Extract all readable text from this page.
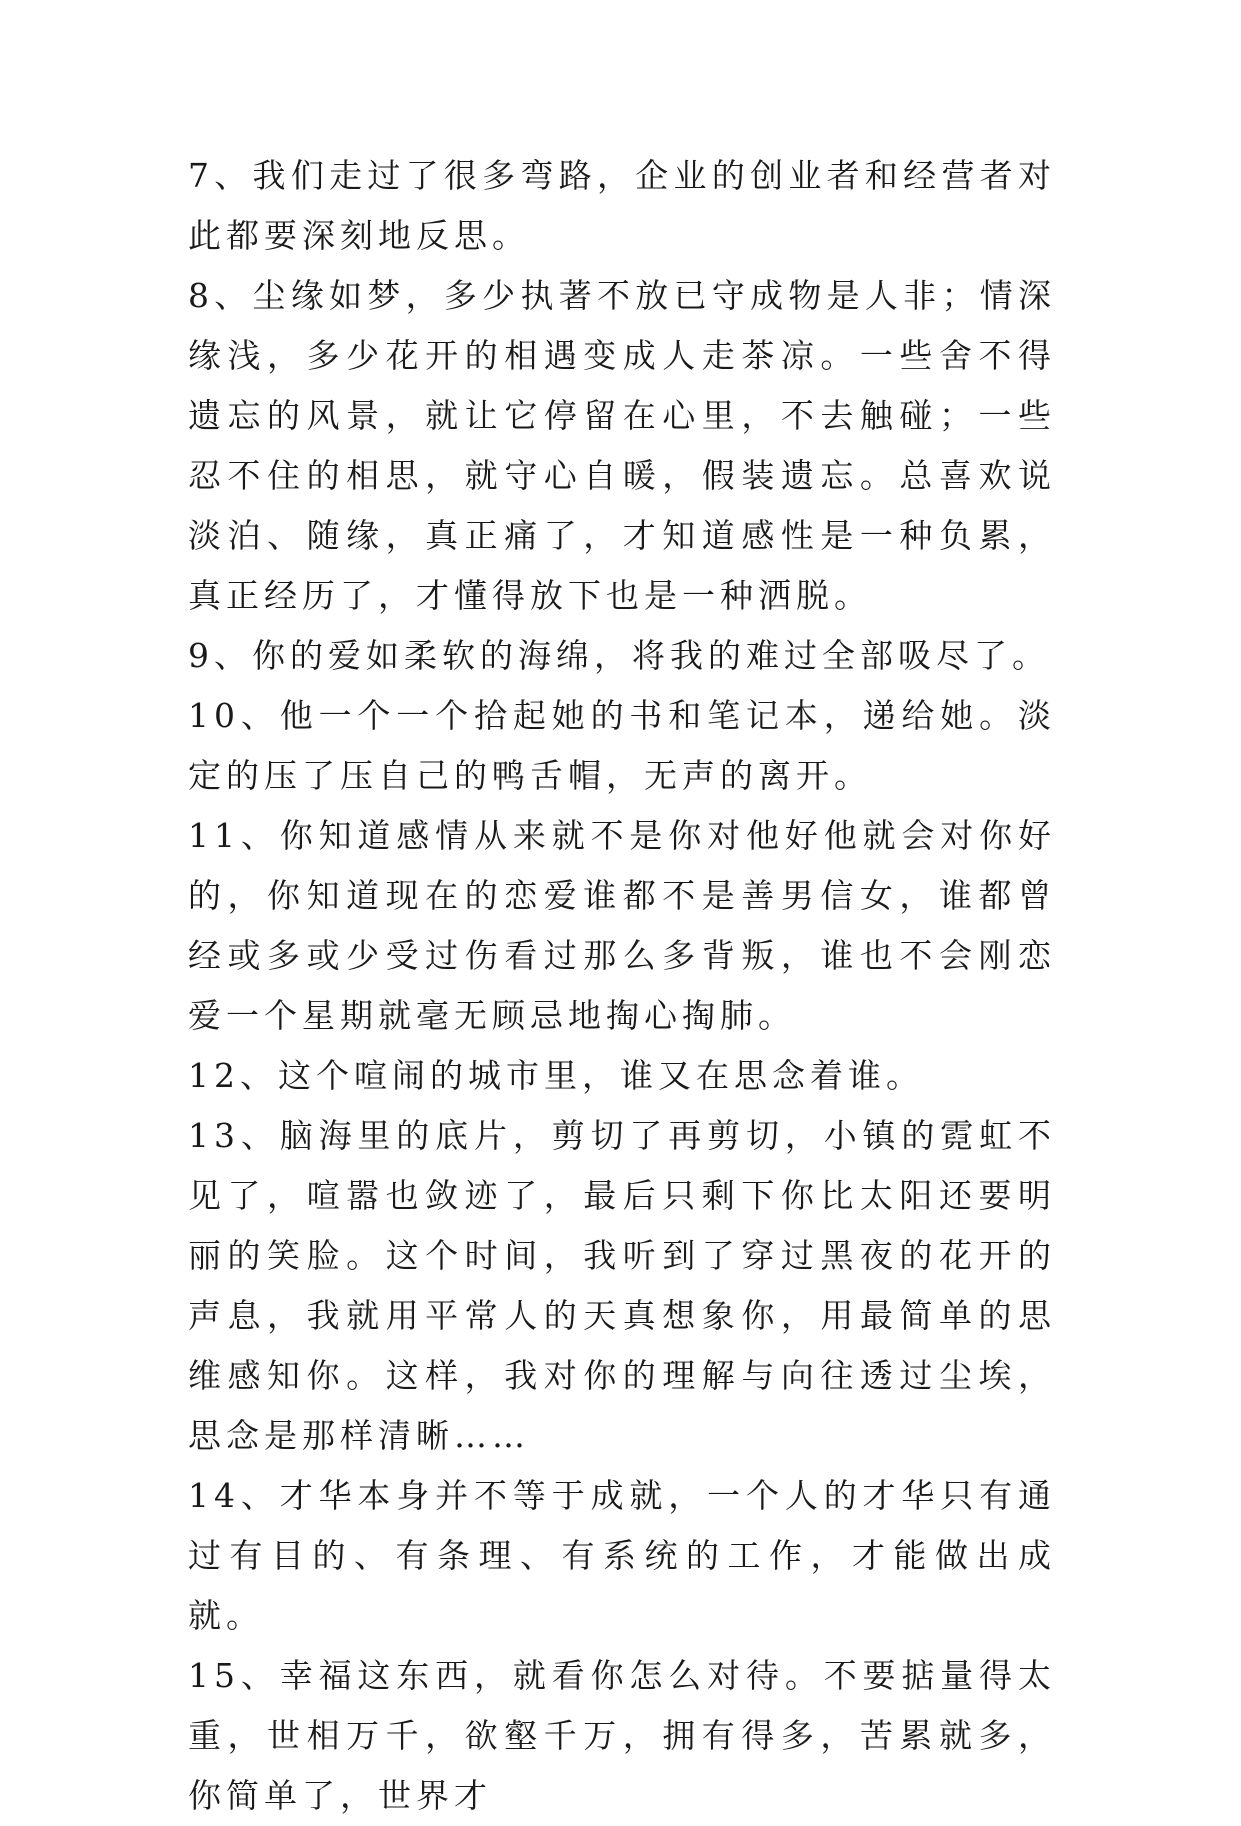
7、我们走过了很多弯路，企业的创业者和经营者对此都要深刻地反思。

8、尘缘如梦，多少执著不放已守成物是人非；情深缘浅，多少花开的相遇变成人走茶凉。一些舍不得遗忘的风景，就让它停留在心里，不去触碰；一些忍不住的相思，就守心自暖，假装遗忘。总喜欢说淡泊、随缘，真正痛了，才知道感性是一种负累，真正经历了，才懂得放下也是一种洒脱。

9、你的爱如柔软的海绵，将我的难过全部吸尽了。

10、他一个一个拾起她的书和笔记本，递给她。淡定的压了压自己的鸭舌帽，无声的离开。

11、你知道感情从来就不是你对他好他就会对你好的，你知道现在的恋爱谁都不是善男信女，谁都曾经或多或少受过伤看过那么多背叛，谁也不会刚恋爱一个星期就毫无顾忌地掏心掏肺。

12、这个喧闹的城市里，谁又在思念着谁。

13、脑海里的底片，剪切了再剪切，小镇的霓虹不见了，喧嚣也敛迹了，最后只剩下你比太阳还要明丽的笑脸。这个时间，我听到了穿过黑夜的花开的声息，我就用平常人的天真想象你，用最简单的思维感知你。这样，我对你的理解与向往透过尘埃，思念是那样清晰……

14、才华本身并不等于成就，一个人的才华只有通过有目的、有条理、有系统的工作，才能做出成就。

15、幸福这东西，就看你怎么对待。不要掂量得太重，世相万千，欲壑千万，拥有得多，苦累就多，你简单了，世界才
